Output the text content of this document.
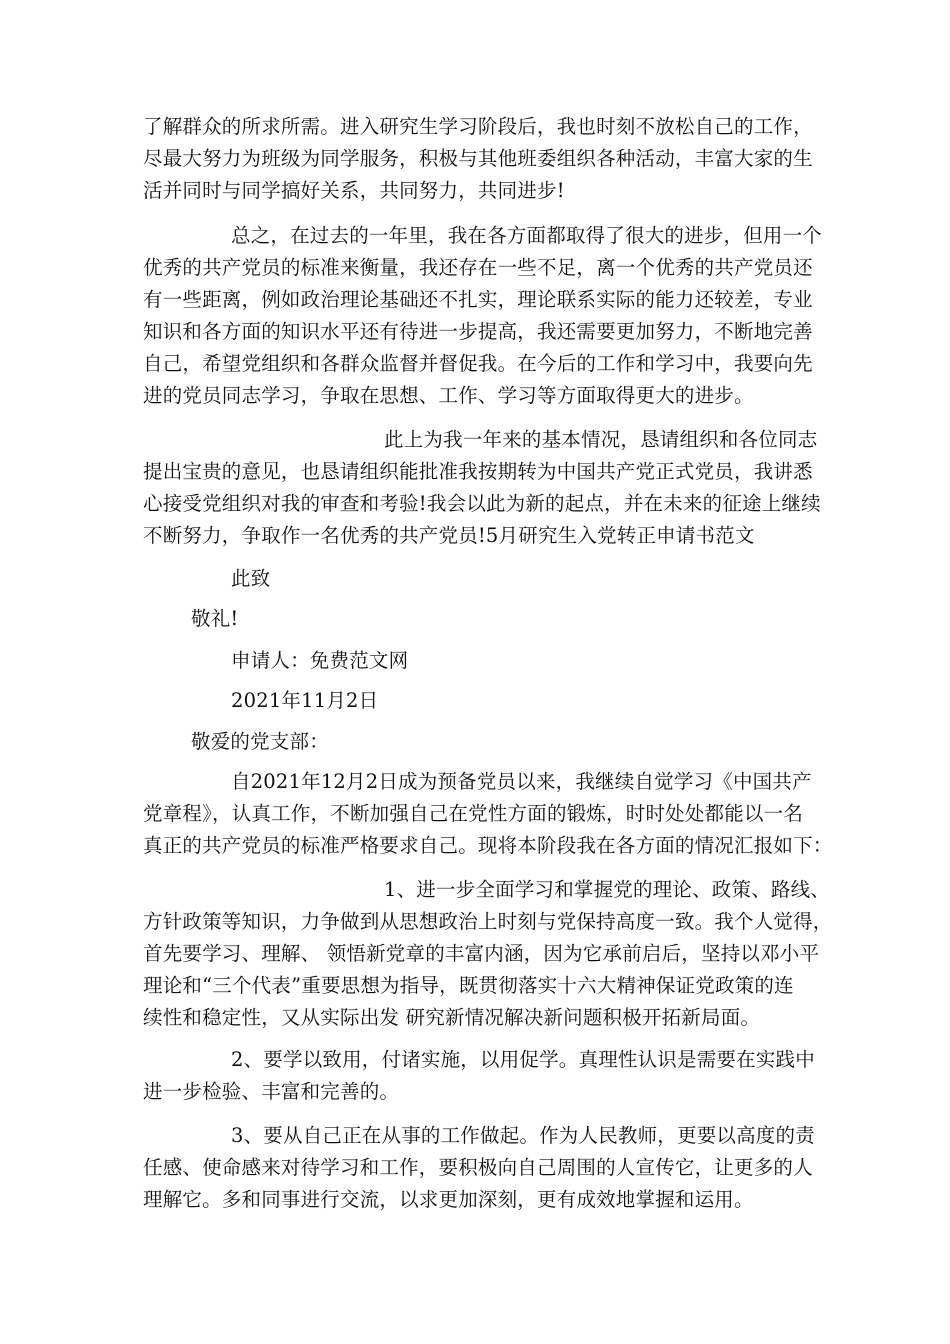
了解群众的所求所需。进入研究生学习阶段后，我也时刻不放松自己的工作，
尽最大努力为班级为同学服务，积极与其他班委组织各种活动，丰富大家的生
活并同时与同学搞好关系，共同努力，共同进步!
总之，在过去的一年里，我在各方面都取得了很大的进步，但用一个
优秀的共产党员的标准来衡量，我还存在一些不足，离一个优秀的共产党员还
有一些距离，例如政治理论基础还不扎实，理论联系实际的能力还较差，专业
知识和各方面的知识水平还有待进一步提高，我还需要更加努力，不断地完善
自己，希望党组织和各群众监督并督促我。在今后的工作和学习中，我要向先
进的党员同志学习，争取在思想、工作、学习等方面取得更大的进步。
此上为我一年来的基本情况，恳请组织和各位同志
提出宝贵的意见，也恳请组织能批准我按期转为中国共产党正式党员，我讲悉
心接受党组织对我的审查和考验!我会以此为新的起点，并在未来的征途上继续
不断努力，争取作一名优秀的共产党员!5月研究生入党转正申请书范文
此致
敬礼!
申请人：免费范文网
2021年11月2日
敬爱的党支部：
自2021年12月2日成为预备党员以来，我继续自觉学习《中国共产
党章程》，认真工作，不断加强自己在党性方面的锻炼，时时处处都能以一名
真正的共产党员的标准严格要求自己。现将本阶段我在各方面的情况汇报如下：
1、进一步全面学习和掌握党的理论、政策、路线、
方针政策等知识，力争做到从思想政治上时刻与党保持高度一致。我个人觉得，
首先要学习、理解、 领悟新党章的丰富内涵，因为它承前启后，坚持以邓小平
理论和“三个代表”重要思想为指导，既贯彻落实十六大精神保证党政策的连
续性和稳定性，又从实际出发 研究新情况解决新问题积极开拓新局面。
2、要学以致用，付诸实施，以用促学。真理性认识是需要在实践中
进一步检验、丰富和完善的。
3、要从自己正在从事的工作做起。作为人民教师，更要以高度的责
任感、使命感来对待学习和工作，要积极向自己周围的人宣传它，让更多的人
理解它。多和同事进行交流，以求更加深刻，更有成效地掌握和运用。
